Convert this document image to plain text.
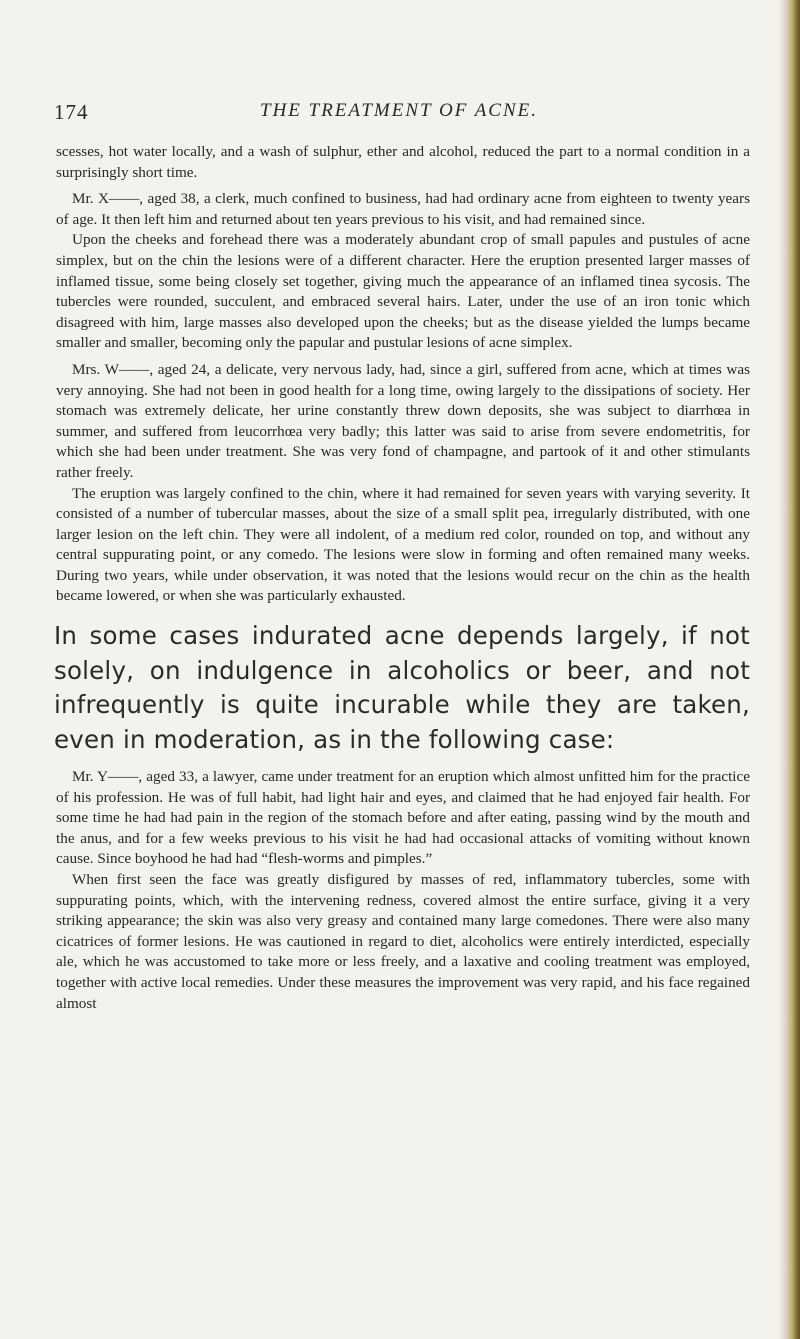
174	THE TREATMENT OF ACNE.

scesses, hot water locally, and a wash of sulphur, ether and alcohol, reduced the part to a normal condition in a surprisingly short time.

Mr. X——, aged 38, a clerk, much confined to business, had had ordinary acne from eighteen to twenty years of age. It then left him and returned about ten years previous to his visit, and had remained since.

Upon the cheeks and forehead there was a moderately abundant crop of small papules and pustules of acne simplex, but on the chin the lesions were of a different character. Here the eruption presented larger masses of inflamed tissue, some being closely set together, giving much the appearance of an inflamed tinea sycosis. The tubercles were rounded, succulent, and embraced several hairs. Later, under the use of an iron tonic which disagreed with him, large masses also developed upon the cheeks; but as the disease yielded the lumps became smaller and smaller, becoming only the papular and pustular lesions of acne simplex.

Mrs. W——, aged 24, a delicate, very nervous lady, had, since a girl, suffered from acne, which at times was very annoying. She had not been in good health for a long time, owing largely to the dissipations of society. Her stomach was extremely delicate, her urine constantly threw down deposits, she was subject to diarrhœa in summer, and suffered from leucorrhœa very badly; this latter was said to arise from severe endometritis, for which she had been under treatment. She was very fond of champagne, and partook of it and other stimulants rather freely.

The eruption was largely confined to the chin, where it had remained for seven years with varying severity. It consisted of a number of tubercular masses, about the size of a small split pea, irregularly distributed, with one larger lesion on the left chin. They were all indolent, of a medium red color, rounded on top, and without any central suppurating point, or any comedo. The lesions were slow in forming and often remained many weeks. During two years, while under observation, it was noted that the lesions would recur on the chin as the health became lowered, or when she was particularly exhausted.

In some cases indurated acne depends largely, if not solely, on indulgence in alcoholics or beer, and not infrequently is quite incurable while they are taken, even in moderation, as in the following case:

Mr. Y——, aged 33, a lawyer, came under treatment for an eruption which almost unfitted him for the practice of his profession. He was of full habit, had light hair and eyes, and claimed that he had enjoyed fair health. For some time he had had pain in the region of the stomach before and after eating, passing wind by the mouth and the anus, and for a few weeks previous to his visit he had had occasional attacks of vomiting without known cause. Since boyhood he had had “flesh-worms and pimples.”

When first seen the face was greatly disfigured by masses of red, inflammatory tubercles, some with suppurating points, which, with the intervening redness, covered almost the entire surface, giving it a very striking appearance; the skin was also very greasy and contained many large comedones. There were also many cicatrices of former lesions. He was cautioned in regard to diet, alcoholics were entirely interdicted, especially ale, which he was accustomed to take more or less freely, and a laxative and cooling treatment was employed, together with active local remedies. Under these measures the improvement was very rapid, and his face regained almost
